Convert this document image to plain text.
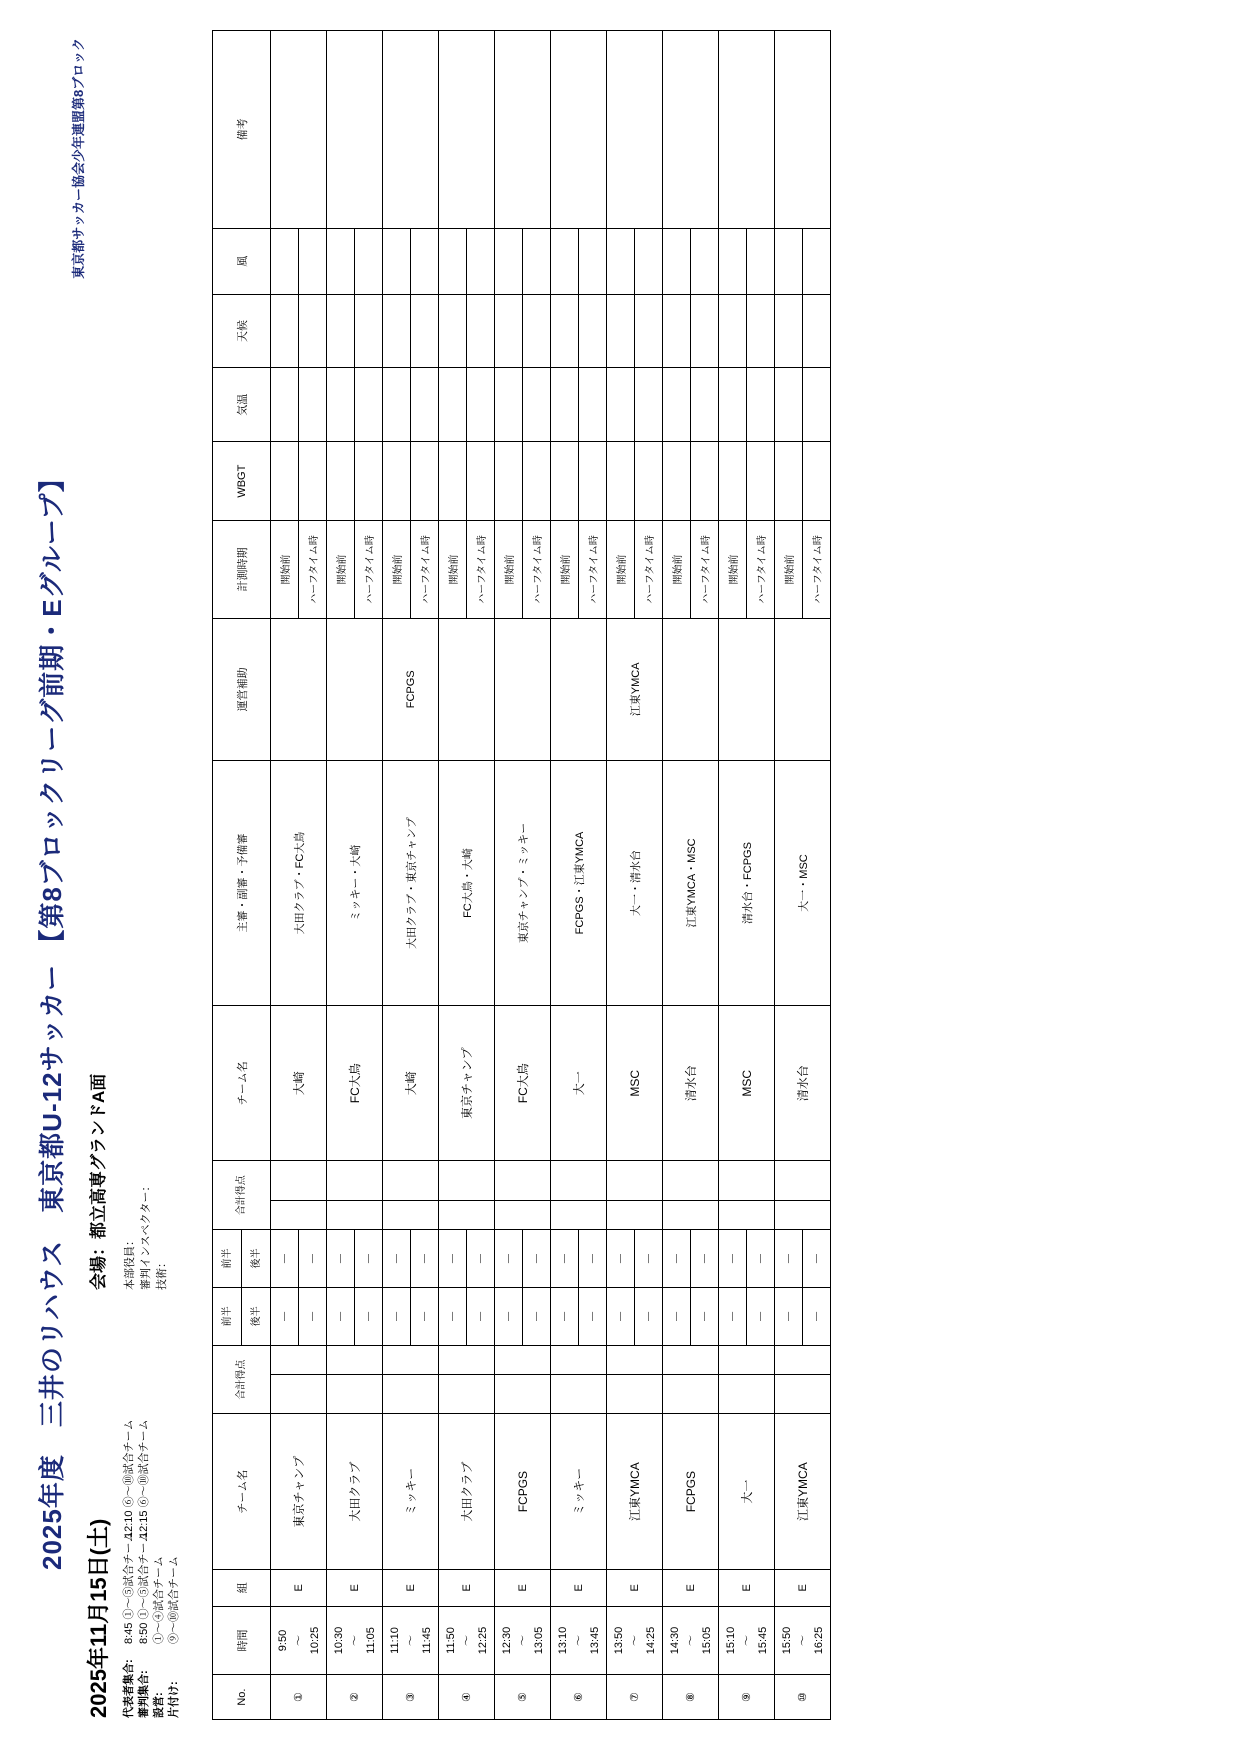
2025年度　三井のリハウス　東京都U-12サッカー 【第8ブロックリーグ前期・Eグループ】
東京都サッカー協会少年連盟第8ブロック
2025年11月15日(土)
会場：都立高専グランドA面
代表者集合:8:45 ①～⑤試合チーム
審判集合:8:50 ①～⑤試合チーム
設営:①～④試合チーム
片付け:⑨～⑩試合チーム
12:10 ⑥～⑩試合チーム 12:15 ⑥～⑩試合チーム
本部役員： 審判インスペクター： 技術：
No.	時間	組	チーム名	合計得点		前半	前半	合計得点		チーム名	主審・副審・予備審	運営補助	計測時期	WBGT	気温	天候	風	備考
						後半	後半											
①	9:50 ～ 10:25	E	東京チャンプ			－	－			大崎	大田クラブ・FC大鳥		開始前					
						－	－						ハーフタイム時					
②	10:30 ～ 11:05	E	大田クラブ			－	－			FC大鳥	ミッキー・大崎		開始前					
						－	－						ハーフタイム時					
③	11:10 ～ 11:45	E	ミッキー			－	－			大崎	大田クラブ・東京チャンプ	FCPGS	開始前					
						－	－						ハーフタイム時					
④	11:50 ～ 12:25	E	大田クラブ			－	－			東京チャンプ	FC大鳥・大崎		開始前					
						－	－						ハーフタイム時					
⑤	12:30 ～ 13:05	E	FCPGS			－	－			FC大鳥	東京チャンプ・ミッキー		開始前					
						－	－						ハーフタイム時					
⑥	13:10 ～ 13:45	E	ミッキー			－	－			大一	FCPGS・江東YMCA		開始前					
						－	－						ハーフタイム時					
⑦	13:50 ～ 14:25	E	江東YMCA			－	－			MSC	大一・清水台	江東YMCA	開始前					
						－	－						ハーフタイム時					
⑧	14:30 ～ 15:05	E	FCPGS			－	－			清水台	江東YMCA・MSC		開始前					
						－	－						ハーフタイム時					
⑨	15:10 ～ 15:45	E	大一			－	－			MSC	清水台・FCPGS		開始前					
						－	－						ハーフタイム時					
⑩	15:50 ～ 16:25	E	江東YMCA			－	－			清水台	大一・MSC		開始前					
						－	－						ハーフタイム時					
